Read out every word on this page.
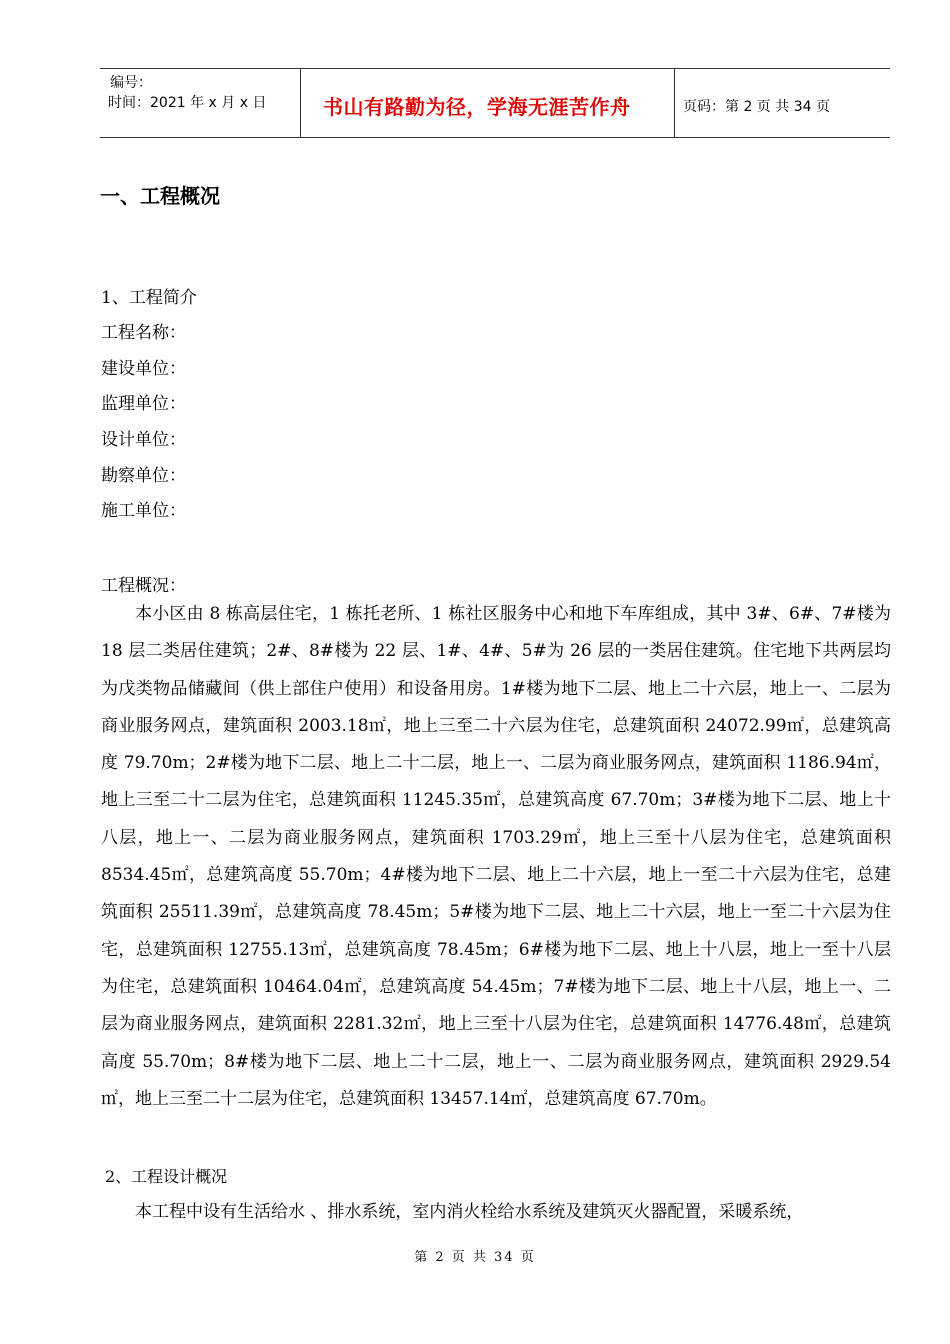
编号：
时间：2021 年 x 月 x 日	书山有路勤为径，学海无涯苦作舟	页码：第 2 页 共 34 页
一、工程概况
1、工程简介
工程名称：
建设单位：
监理单位：
设计单位：
勘察单位：
施工单位：
工程概况：
本小区由 8 栋高层住宅，1 栋托老所、1 栋社区服务中心和地下车库组成，其中 3#、6#、7#楼为 18 层二类居住建筑；2#、8#楼为 22 层、1#、4#、5#为 26 层的一类居住建筑。住宅地下共两层均为戊类物品储藏间（供上部住户使用）和设备用房。1#楼为地下二层、地上二十六层，地上一、二层为商业服务网点，建筑面积 2003.18㎡，地上三至二十六层为住宅，总建筑面积 24072.99㎡，总建筑高度 79.70m；2#楼为地下二层、地上二十二层，地上一、二层为商业服务网点，建筑面积 1186.94㎡，地上三至二十二层为住宅，总建筑面积 11245.35㎡，总建筑高度 67.70m；3#楼为地下二层、地上十八层，地上一、二层为商业服务网点，建筑面积 1703.29㎡，地上三至十八层为住宅，总建筑面积 8534.45㎡，总建筑高度 55.70m；4#楼为地下二层、地上二十六层，地上一至二十六层为住宅，总建筑面积 25511.39㎡，总建筑高度 78.45m；5#楼为地下二层、地上二十六层，地上一至二十六层为住宅，总建筑面积 12755.13㎡，总建筑高度 78.45m；6#楼为地下二层、地上十八层，地上一至十八层为住宅，总建筑面积 10464.04㎡，总建筑高度 54.45m；7#楼为地下二层、地上十八层，地上一、二层为商业服务网点，建筑面积 2281.32㎡，地上三至十八层为住宅，总建筑面积 14776.48㎡，总建筑高度 55.70m；8#楼为地下二层、地上二十二层，地上一、二层为商业服务网点，建筑面积 2929.54㎡，地上三至二十二层为住宅，总建筑面积 13457.14㎡，总建筑高度 67.70m。
2、工程设计概况
本工程中设有生活给水 、排水系统，室内消火栓给水系统及建筑灭火器配置，采暖系统，
第 2 页 共 34 页
